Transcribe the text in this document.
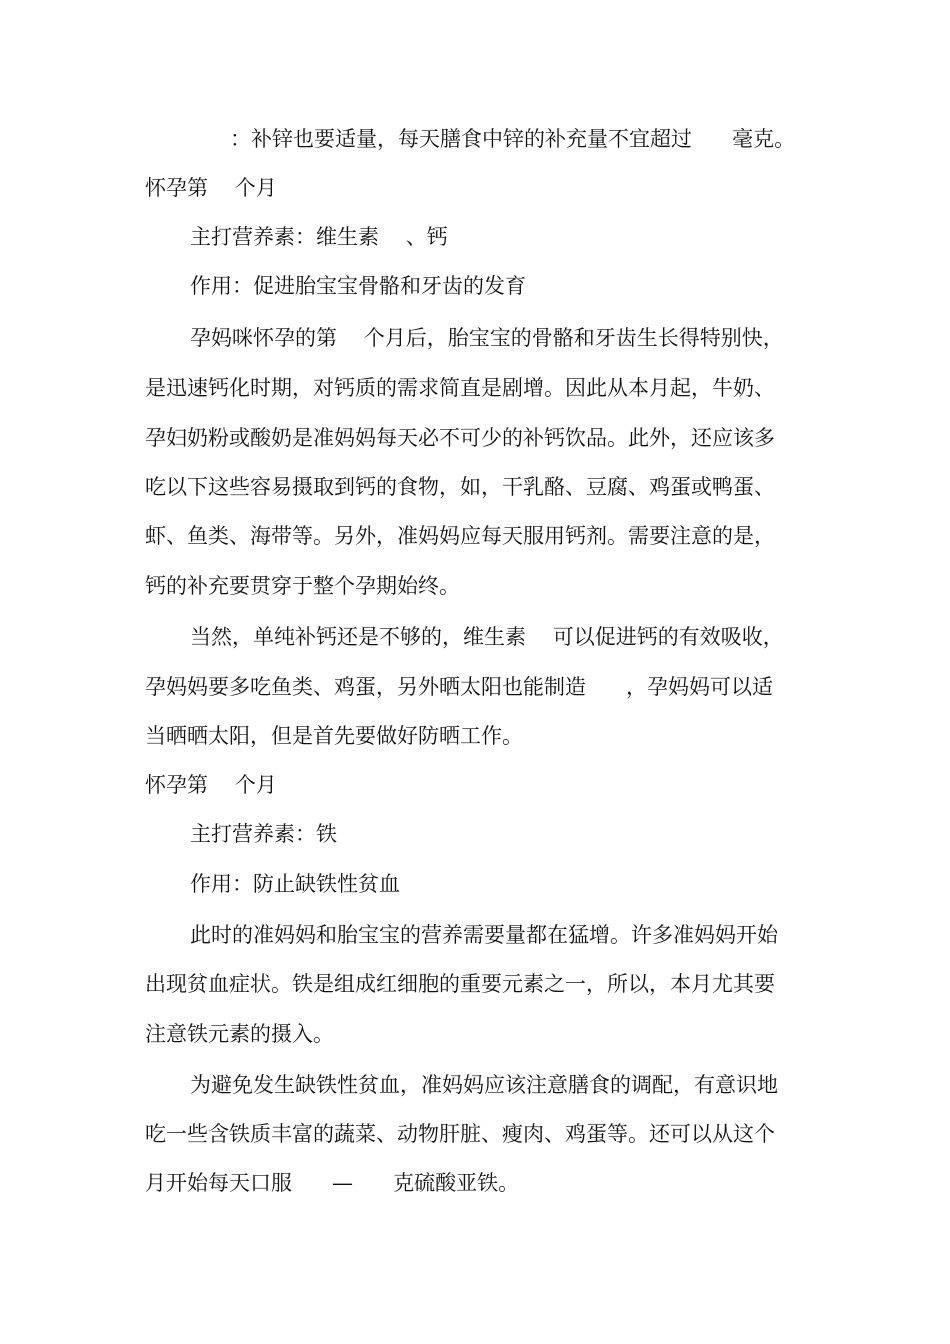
：补锌也要适量，每天膳食中锌的补充量不宜超过      毫克。

怀孕第    个月

主打营养素：维生素    、钙

作用：促进胎宝宝骨骼和牙齿的发育

孕妈咪怀孕的第    个月后，胎宝宝的骨骼和牙齿生长得特别快，

是迅速钙化时期，对钙质的需求简直是剧增。因此从本月起，牛奶、

孕妇奶粉或酸奶是准妈妈每天必不可少的补钙饮品。此外，还应该多

吃以下这些容易摄取到钙的食物，如，干乳酪、豆腐、鸡蛋或鸭蛋、

虾、鱼类、海带等。另外，准妈妈应每天服用钙剂。需要注意的是，

钙的补充要贯穿于整个孕期始终。

当然，单纯补钙还是不够的，维生素    可以促进钙的有效吸收，

孕妈妈要多吃鱼类、鸡蛋，另外晒太阳也能制造      ，孕妈妈可以适

当晒晒太阳，但是首先要做好防晒工作。

怀孕第    个月

主打营养素：铁

作用：防止缺铁性贫血

此时的准妈妈和胎宝宝的营养需要量都在猛增。许多准妈妈开始

出现贫血症状。铁是组成红细胞的重要元素之一，所以，本月尤其要

注意铁元素的摄入。

为避免发生缺铁性贫血，准妈妈应该注意膳食的调配，有意识地

吃一些含铁质丰富的蔬菜、动物肝脏、瘦肉、鸡蛋等。还可以从这个

月开始每天口服      —      克硫酸亚铁。
